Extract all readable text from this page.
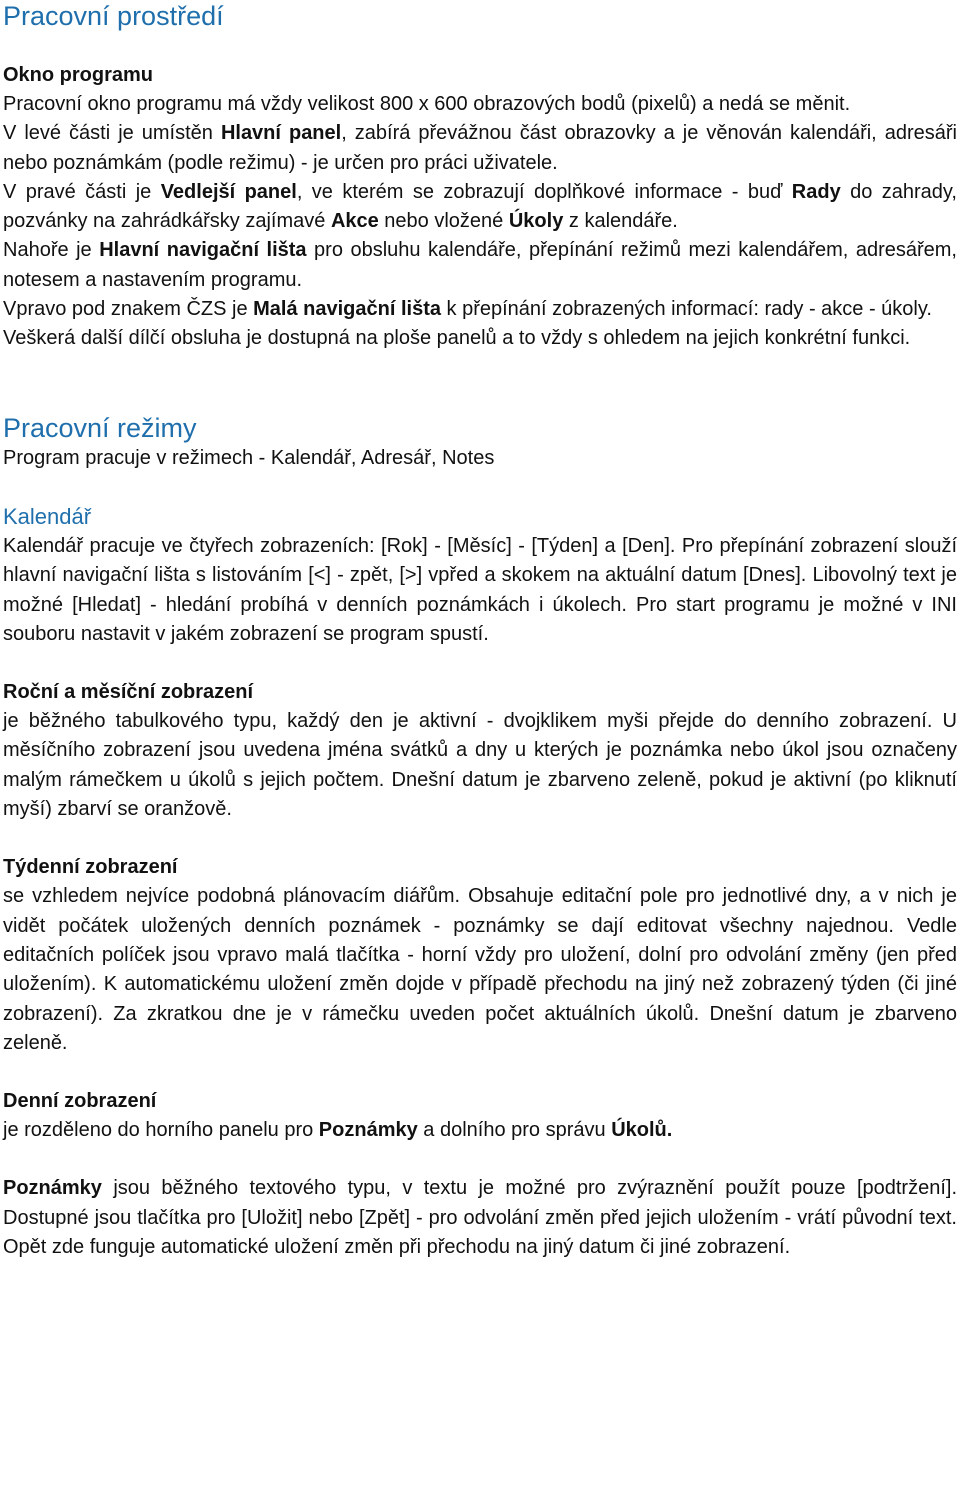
Pracovní prostředí
Okno programu

Pracovní okno programu má vždy velikost 800 x 600 obrazových bodů (pixelů) a nedá se měnit.

V levé části je umístěn Hlavní panel, zabírá převážnou část obrazovky a je věnován kalendáři, adresáři nebo poznámkám (podle režimu) - je určen pro práci uživatele.

V pravé části je Vedlejší panel, ve kterém se zobrazují doplňkové informace - buď Rady do zahrady, pozvánky na zahrádkářsky zajímavé Akce nebo vložené Úkoly z kalendáře.

Nahoře je Hlavní navigační lišta pro obsluhu kalendáře, přepínání režimů mezi kalendářem, adresářem, notesem a nastavením programu.

Vpravo pod znakem ČZS je Malá navigační lišta k přepínání zobrazených informací: rady - akce - úkoly.

Veškerá další dílčí obsluha je dostupná na ploše panelů a to vždy s ohledem na jejich konkrétní funkci.

Pracovní režimy

Program pracuje v režimech - Kalendář, Adresář, Notes

Kalendář

Kalendář pracuje ve čtyřech zobrazeních: [Rok] - [Měsíc] - [Týden] a [Den]. Pro přepínání zobrazení slouží hlavní navigační lišta s listováním [<] - zpět, [>] vpřed a skokem na aktuální datum [Dnes]. Libovolný text je možné [Hledat] - hledání probíhá v denních poznámkách i úkolech. Pro start programu je možné v INI souboru nastavit v jakém zobrazení se program spustí.

Roční a měsíční zobrazení

je běžného tabulkového typu, každý den je aktivní - dvojklikem myši přejde do denního zobrazení. U měsíčního zobrazení jsou uvedena jména svátků a dny u kterých je poznámka nebo úkol jsou označeny malým rámečkem u úkolů s jejich počtem. Dnešní datum je zbarveno zeleně, pokud je aktivní (po kliknutí myší) zbarví se oranžově.

Týdenní zobrazení

se vzhledem nejvíce podobná plánovacím diářům. Obsahuje editační pole pro jednotlivé dny, a v nich je vidět počátek uložených denních poznámek - poznámky se dají editovat všechny najednou. Vedle editačních políček jsou vpravo malá tlačítka - horní vždy pro uložení, dolní pro odvolání změny (jen před uložením). K automatickému uložení změn dojde v případě přechodu na jiný než zobrazený týden (či jiné zobrazení). Za zkratkou dne je v rámečku uveden počet aktuálních úkolů. Dnešní datum je zbarveno zeleně.

Denní zobrazení

je rozděleno do horního panelu pro Poznámky a dolního pro správu Úkolů.

Poznámky jsou běžného textového typu, v textu je možné pro zvýraznění použít pouze [podtržení]. Dostupné jsou tlačítka pro [Uložit] nebo [Zpět] - pro odvolání změn před jejich uložením - vrátí původní text. Opět zde funguje automatické uložení změn při přechodu na jiný datum či jiné zobrazení.
